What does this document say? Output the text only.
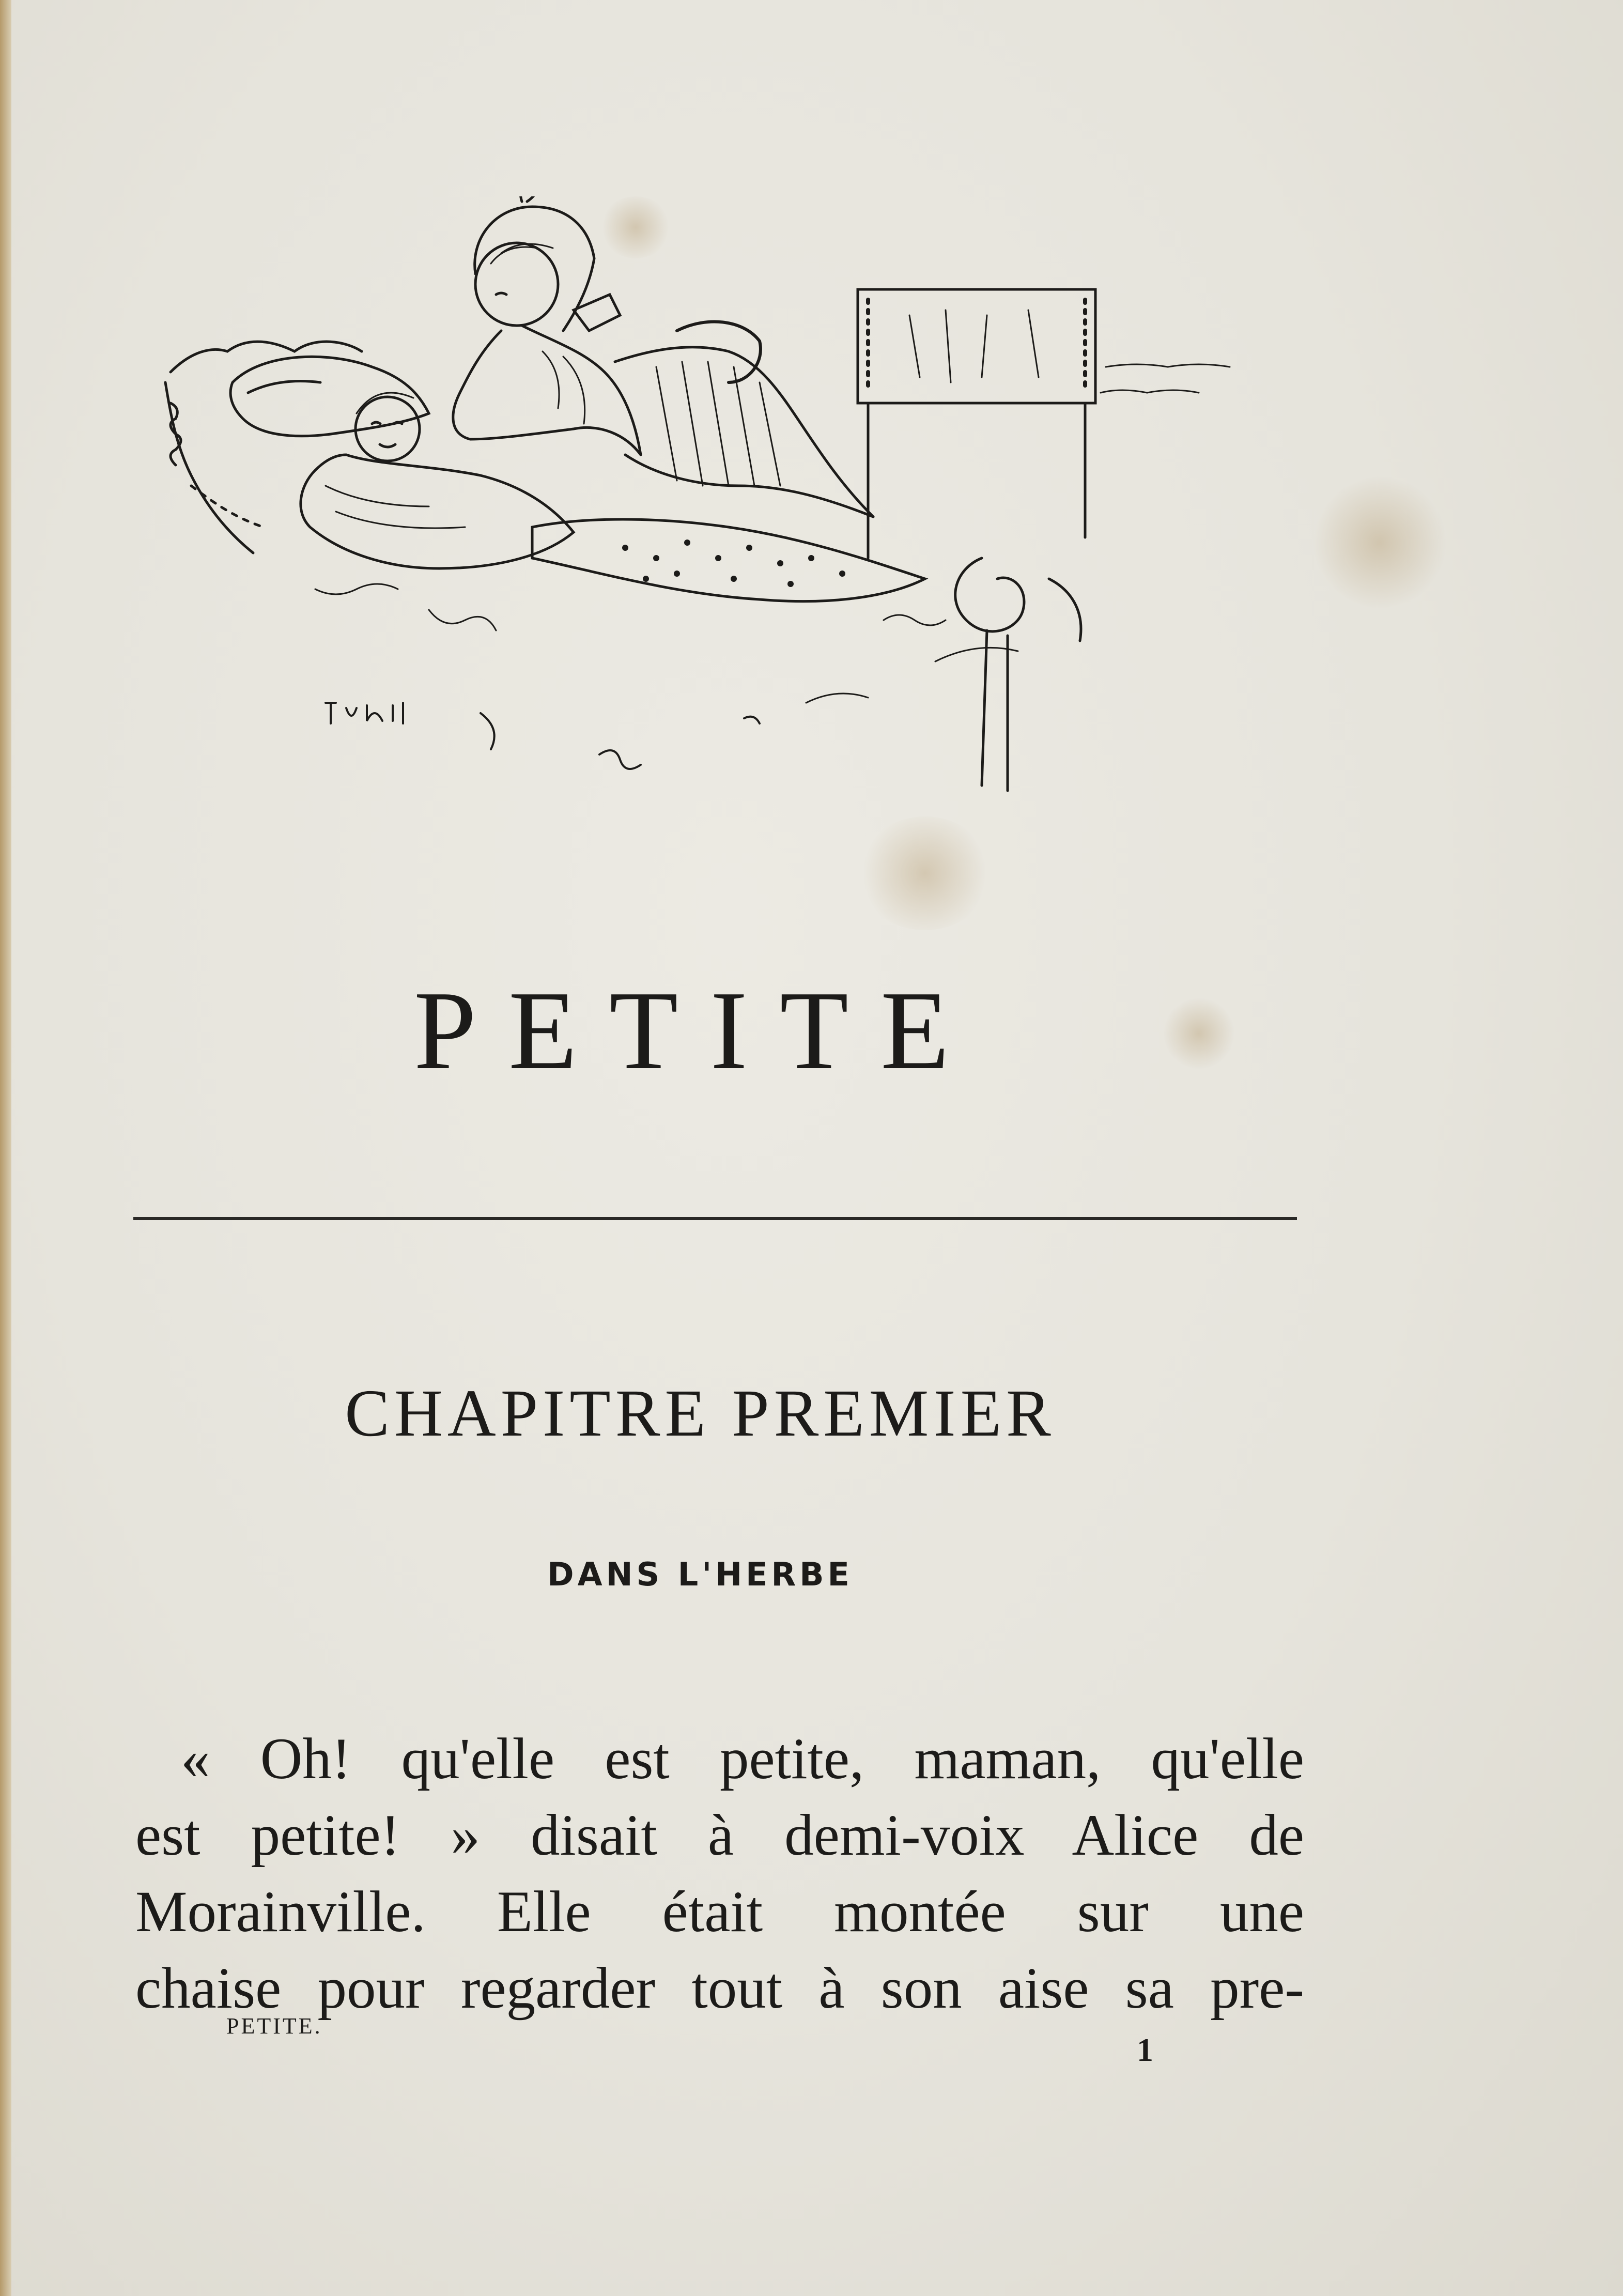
PETITE
CHAPITRE PREMIER
DANS L'HERBE
« Oh! qu'elle est petite, maman, qu'elle
est petite! » disait à demi-voix Alice de
Morainville. Elle était montée sur une
chaise pour regarder tout à son aise sa pre-
PETITE.
1
